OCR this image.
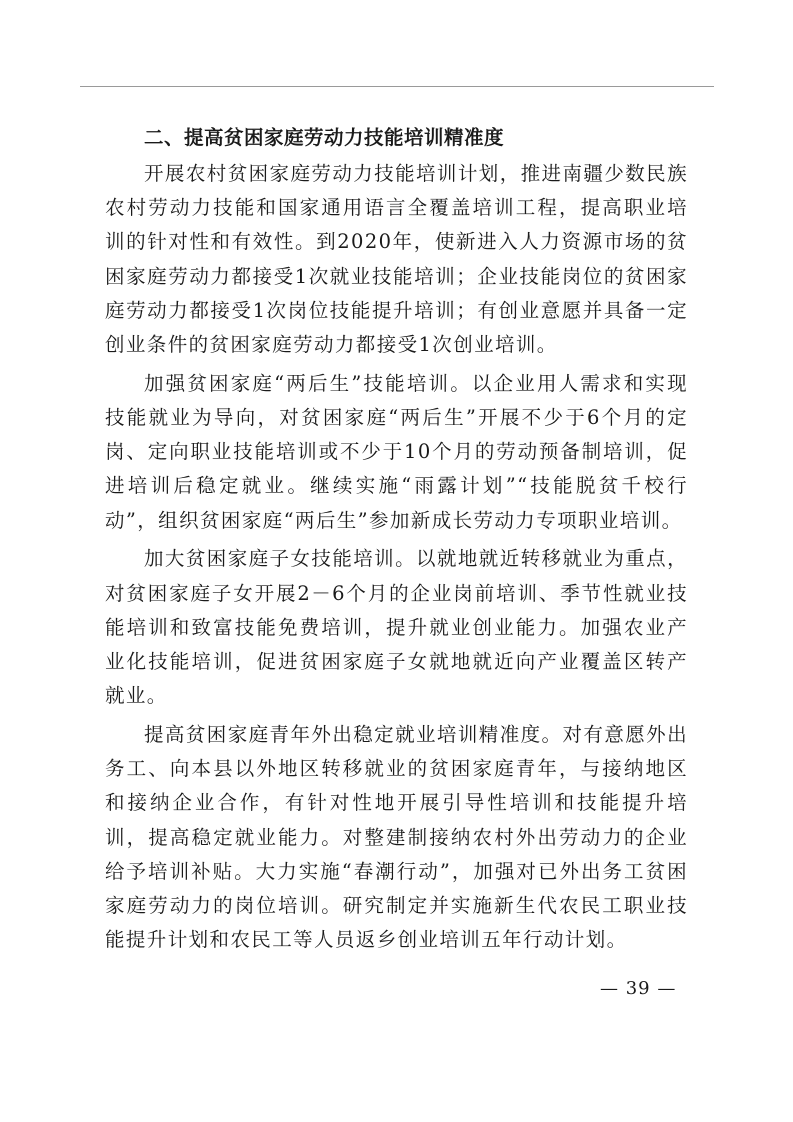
二、提高贫困家庭劳动力技能培训精准度

开展农村贫困家庭劳动力技能培训计划，推进南疆少数民族农村劳动力技能和国家通用语言全覆盖培训工程，提高职业培训的针对性和有效性。到2020年，使新进入人力资源市场的贫困家庭劳动力都接受1次就业技能培训；企业技能岗位的贫困家庭劳动力都接受1次岗位技能提升培训；有创业意愿并具备一定创业条件的贫困家庭劳动力都接受1次创业培训。

加强贫困家庭“两后生”技能培训。以企业用人需求和实现技能就业为导向，对贫困家庭“两后生”开展不少于6个月的定岗、定向职业技能培训或不少于10个月的劳动预备制培训，促进培训后稳定就业。继续实施“雨露计划”“技能脱贫千校行动”，组织贫困家庭“两后生”参加新成长劳动力专项职业培训。

加大贫困家庭子女技能培训。以就地就近转移就业为重点，对贫困家庭子女开展2－6个月的企业岗前培训、季节性就业技能培训和致富技能免费培训，提升就业创业能力。加强农业产业化技能培训，促进贫困家庭子女就地就近向产业覆盖区转产就业。

提高贫困家庭青年外出稳定就业培训精准度。对有意愿外出务工、向本县以外地区转移就业的贫困家庭青年，与接纳地区和接纳企业合作，有针对性地开展引导性培训和技能提升培训，提高稳定就业能力。对整建制接纳农村外出劳动力的企业给予培训补贴。大力实施“春潮行动”，加强对已外出务工贫困家庭劳动力的岗位培训。研究制定并实施新生代农民工职业技能提升计划和农民工等人员返乡创业培训五年行动计划。

— 39 —
